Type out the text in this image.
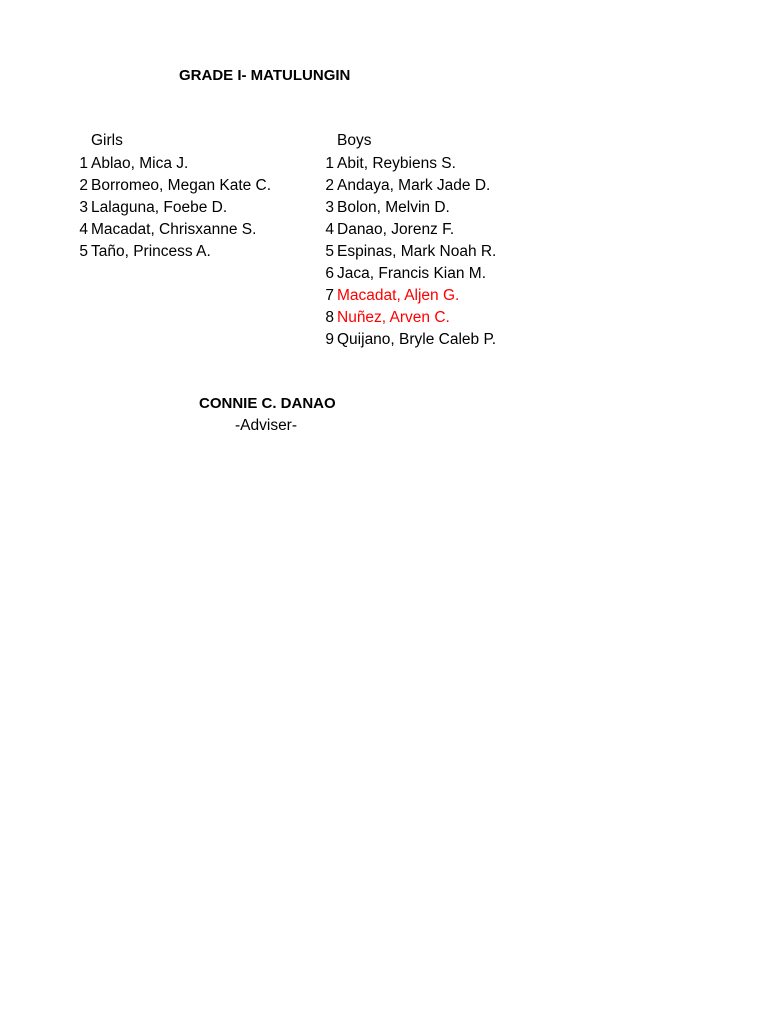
GRADE I- MATULUNGIN
Girls	Boys
1 Ablao, Mica J.
2 Borromeo, Megan Kate C.
3 Lalaguna, Foebe D.
4 Macadat, Chrisxanne S.
5 Taño, Princess A.
1 Abit, Reybiens S.
2 Andaya, Mark Jade D.
3 Bolon, Melvin D.
4 Danao, Jorenz F.
5 Espinas, Mark Noah R.
6 Jaca, Francis Kian M.
7 Macadat, Aljen G.
8 Nuñez, Arven C.
9 Quijano, Bryle Caleb P.
CONNIE C. DANAO
-Adviser-
